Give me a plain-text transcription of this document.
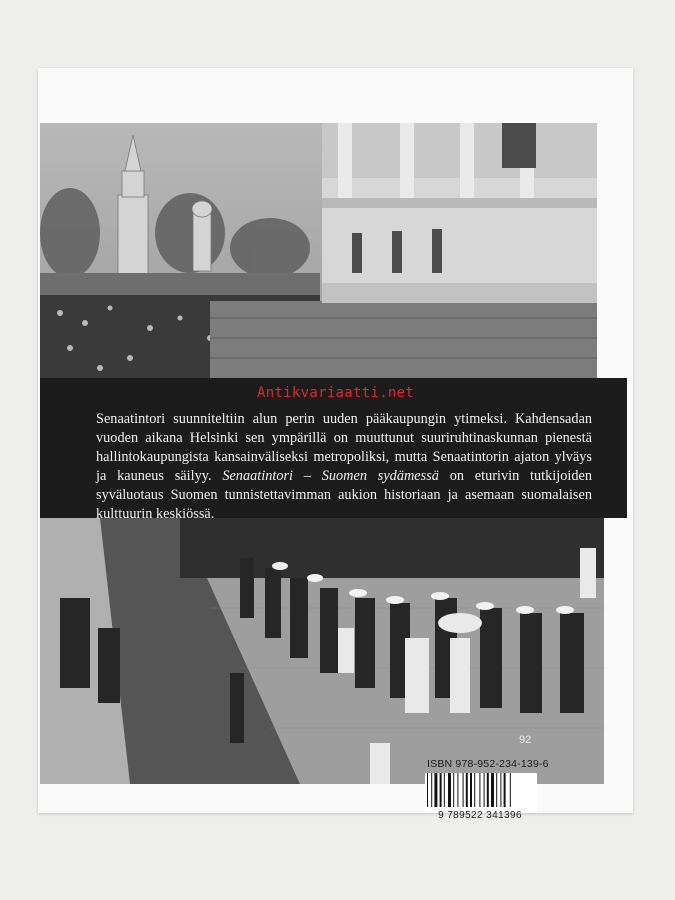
Senaatintori suunniteltiin alun perin uuden pääkaupungin ytimeksi. Kahdensadan vuoden aikana Helsinki sen ympärillä on muuttunut suuriruhtinaskunnan pienestä hallintokaupungista kansainväliseksi metropoliksi, mutta Senaatintorin ajaton ylväys ja kauneus säilyy. Senaatintori – Suomen sydämessä on eturivin tutkijoiden syväluotaus Suomen tunnistettavimman aukion historiaan ja asemaan suomalaisen kulttuurin keskiössä.

Antikvariaatti.net
92
ISBN 978-952-234-139-6
9 789522 341396
